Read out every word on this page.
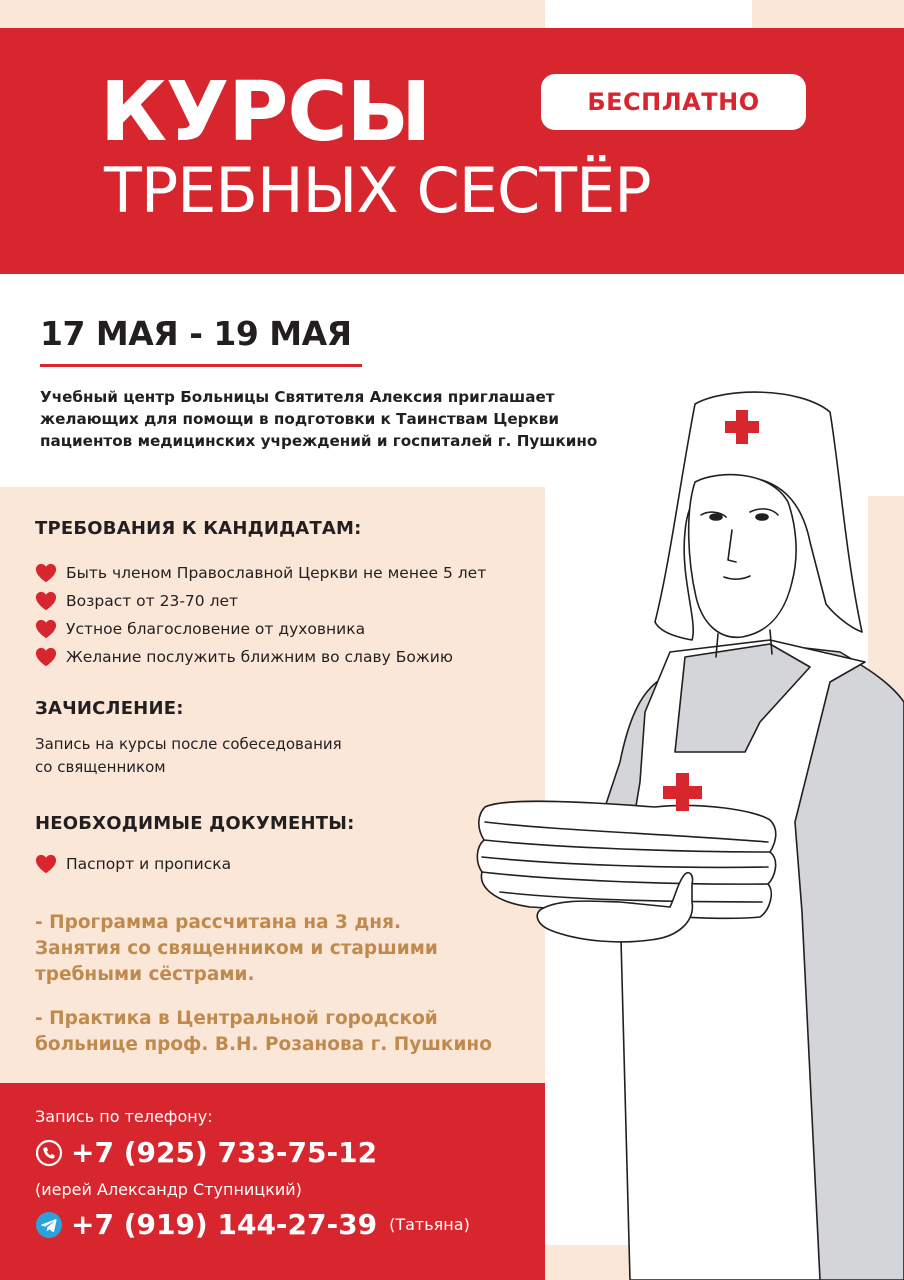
КУРСЫ
ТРЕБНЫХ СЕСТЁР
БЕСПЛАТНО

17 МАЯ - 19 МАЯ

Учебный центр Больницы Святителя Алексия приглашает
желающих для помощи в подготовки к Таинствам Церкви
пациентов медицинских учреждений и госпиталей г. Пушкино

ТРЕБОВАНИЯ К КАНДИДАТАМ:
Быть членом Православной Церкви не менее 5 лет
Возраст от 23-70 лет
Устное благословение от духовника
Желание послужить ближним во славу Божию
ЗАЧИСЛЕНИЕ:

Запись на курсы после собеседования
со священником

НЕОБХОДИМЫЕ ДОКУМЕНТЫ:
Паспорт и прописка

- Программа рассчитана на 3 дня.
Занятия со священником и старшими
требными сёстрами.

- Практика в Центральной городской
больнице проф. В.Н. Розанова г. Пушкино

Запись по телефону:

+7 (925) 733-75-12

(иерей Александр Ступницкий)

+7 (919) 144-27-39 (Татьяна)
